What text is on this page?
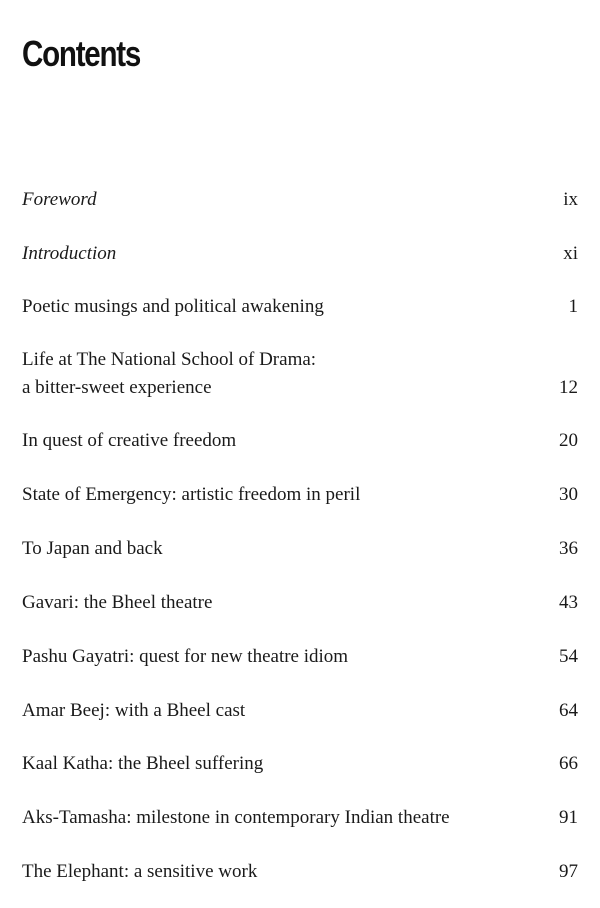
Contents
Foreword	ix
Introduction	xi
Poetic musings and political awakening	1
Life at The National School of Drama:
a bitter-sweet experience	12
In quest of creative freedom	20
State of Emergency: artistic freedom in peril	30
To Japan and back	36
Gavari: the Bheel theatre	43
Pashu Gayatri: quest for new theatre idiom	54
Amar Beej: with a Bheel cast	64
Kaal Katha: the Bheel suffering	66
Aks-Tamasha: milestone in contemporary Indian theatre	91
The Elephant: a sensitive work	97
